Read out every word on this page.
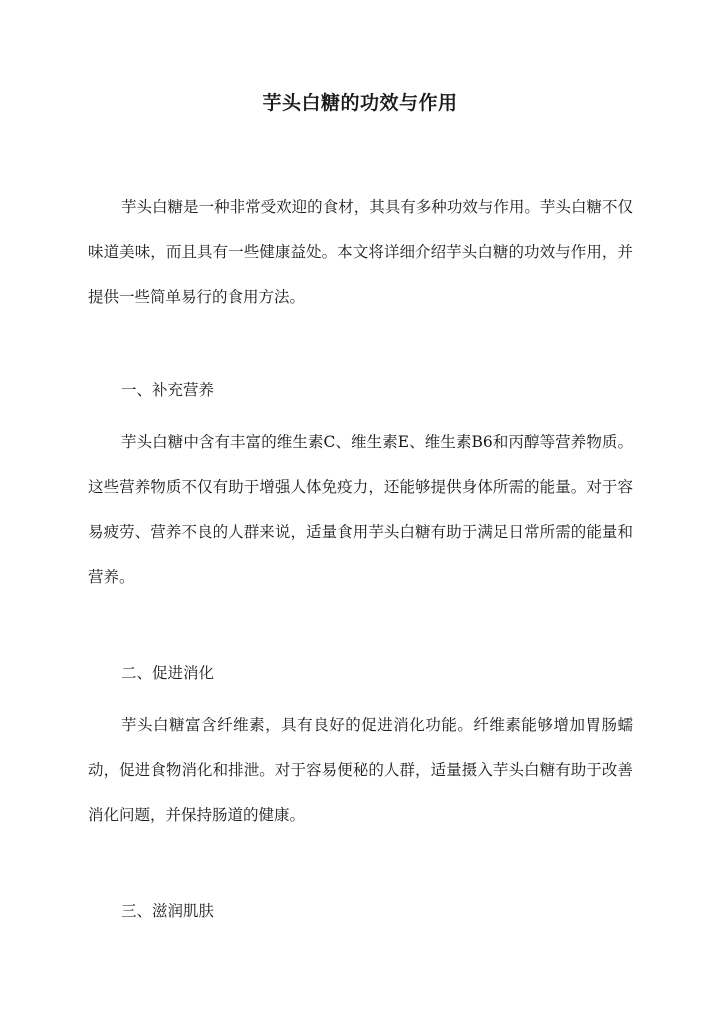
芋头白糖的功效与作用

芋头白糖是一种非常受欢迎的食材，其具有多种功效与作用。芋头白糖不仅味道美味，而且具有一些健康益处。本文将详细介绍芋头白糖的功效与作用，并提供一些简单易行的食用方法。

一、补充营养

芋头白糖中含有丰富的维生素C、维生素E、维生素B6和丙醇等营养物质。这些营养物质不仅有助于增强人体免疫力，还能够提供身体所需的能量。对于容易疲劳、营养不良的人群来说，适量食用芋头白糖有助于满足日常所需的能量和营养。

二、促进消化

芋头白糖富含纤维素，具有良好的促进消化功能。纤维素能够增加胃肠蠕动，促进食物消化和排泄。对于容易便秘的人群，适量摄入芋头白糖有助于改善消化问题，并保持肠道的健康。

三、滋润肌肤
